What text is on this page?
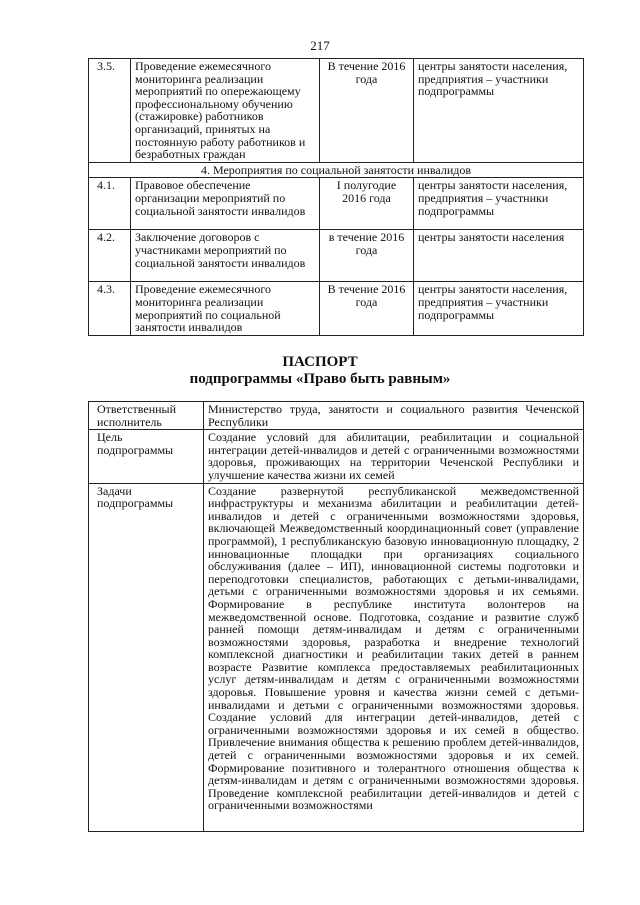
217
3.5.	Проведение ежемесячного мониторинга реализации мероприятий по опережающему профессиональному обучению (стажировке) работников организаций, принятых на постоянную работу работников и безработных граждан	В течение 2016 года	центры занятости населения, предприятия – участники подпрограммы
4. Мероприятия по социальной занятости инвалидов			
4.1.	Правовое обеспечение организации мероприятий по социальной занятости инвалидов	I полугодие 2016 года	центры занятости населения, предприятия – участники подпрограммы
4.2.	Заключение договоров с участниками мероприятий по социальной занятости инвалидов	в течение 2016 года	центры занятости населения
4.3.	Проведение ежемесячного мониторинга реализации мероприятий по социальной занятости инвалидов	В течение 2016 года	центры занятости населения, предприятия – участники подпрограммы
ПАСПОРТ
подпрограммы «Право быть равным»
Ответственный исполнитель	Министерство труда, занятости и социального развития Чеченской Республики
Цель подпрограммы	Создание условий для абилитации, реабилитации и социальной интеграции детей-инвалидов и детей с ограниченными возможностями здоровья, проживающих на территории Чеченской Республики и улучшение качества жизни их семей
Задачи подпрограммы	Создание развернутой республиканской межведомственной инфраструктуры и механизма абилитации и реабилитации детей-инвалидов и детей с ограниченными возможностями здоровья, включающей Межведомственный координационный совет (управление программой), 1 республиканскую базовую инновационную площадку, 2 инновационные площадки при организациях социального обслуживания (далее – ИП), инновационной системы подготовки и переподготовки специалистов, работающих с детьми-инвалидами, детьми с ограниченными возможностями здоровья и их семьями. Формирование в республике института волонтеров на межведомственной основе. Подготовка, создание и развитие служб ранней помощи детям-инвалидам и детям с ограниченными возможностями здоровья, разработка и внедрение технологий комплексной диагностики и реабилитации таких детей в раннем возрасте Развитие комплекса предоставляемых реабилитационных услуг детям-инвалидам и детям с ограниченными возможностями здоровья. Повышение уровня и качества жизни семей с детьми-инвалидами и детьми с ограниченными возможностями здоровья. Создание условий для интеграции детей-инвалидов, детей с ограниченными возможностями здоровья и их семей в общество. Привлечение внимания общества к решению проблем детей-инвалидов, детей с ограниченными возможностями здоровья и их семей. Формирование позитивного и толерантного отношения общества к детям-инвалидам и детям с ограниченными возможностями здоровья. Проведение комплексной реабилитации детей-инвалидов и детей с ограниченными возможностями
